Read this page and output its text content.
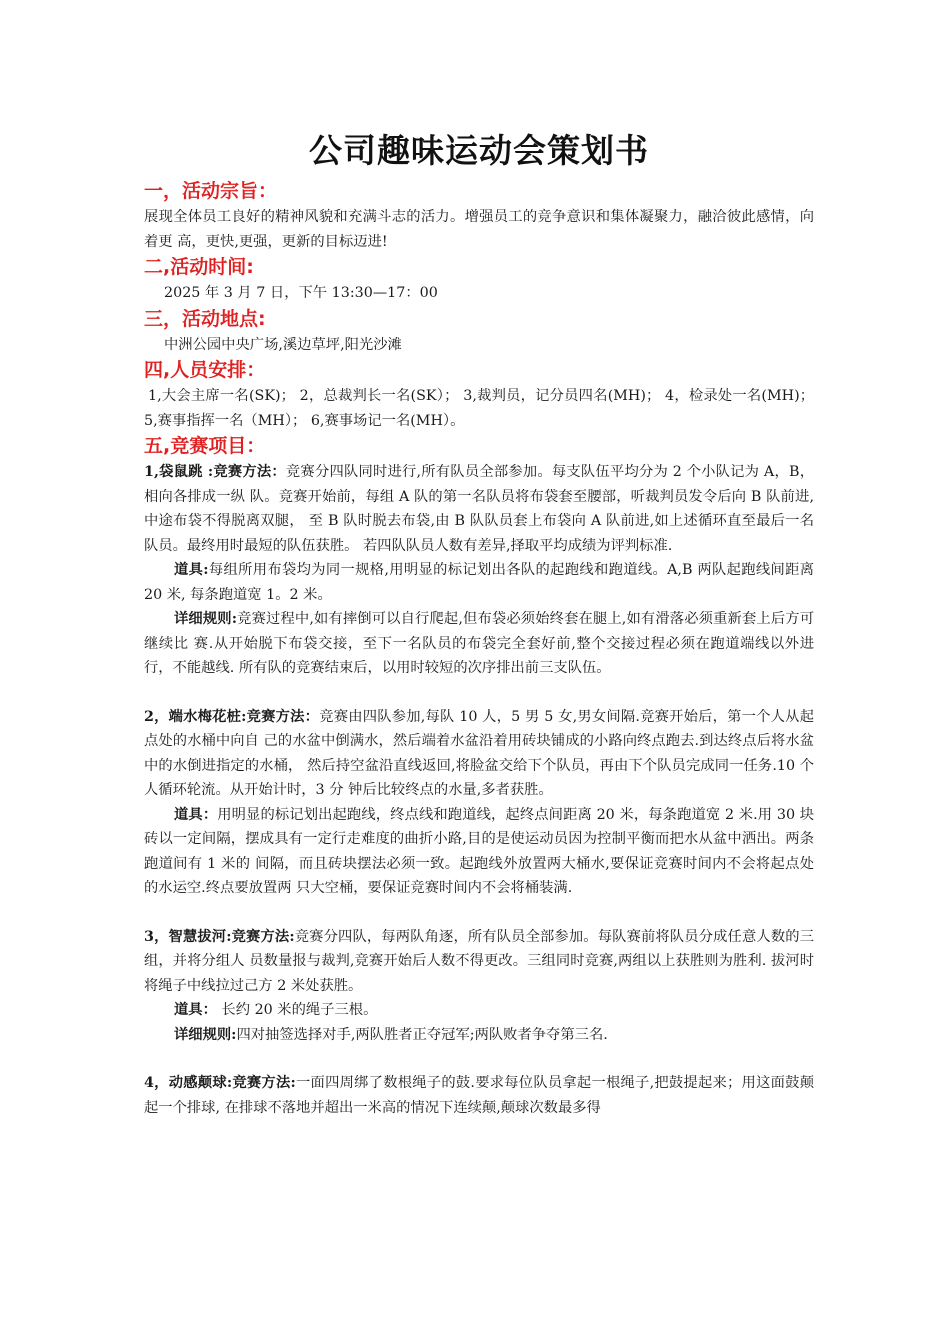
公司趣味运动会策划书
一，活动宗旨：

展现全体员工良好的精神风貌和充满斗志的活力。增强员工的竞争意识和集体凝聚力，融洽彼此感情，向着更 高，更快,更强，更新的目标迈进!

二,活动时间:

2025 年 3 月 7 日，下午 13:30—17：00

三，活动地点:

中洲公园中央广场,溪边草坪,阳光沙滩

四,人员安排：

1,大会主席一名(SK)； 2，总裁判长一名(SK）； 3,裁判员，记分员四名(MH)； 4，检录处一名(MH)； 5,赛事指挥一名（MH）； 6,赛事场记一名(MH）。

五,竞赛项目：

1,袋鼠跳 :竞赛方法：竞赛分四队同时进行,所有队员全部参加。每支队伍平均分为 2 个小队记为 A，B，相向各排成一纵 队。竞赛开始前，每组 A 队的第一名队员将布袋套至腰部，听裁判员发令后向 B 队前进,中途布袋不得脱离双腿， 至 B 队时脱去布袋,由 B 队队员套上布袋向 A 队前进,如上述循环直至最后一名队员。最终用时最短的队伍获胜。 若四队队员人数有差异,择取平均成绩为评判标准.

道具:每组所用布袋均为同一规格,用明显的标记划出各队的起跑线和跑道线。A,B 两队起跑线间距离 20 米, 每条跑道宽 1。2 米。

详细规则:竞赛过程中,如有摔倒可以自行爬起,但布袋必须始终套在腿上,如有滑落必须重新套上后方可继续比 赛.从开始脱下布袋交接，至下一名队员的布袋完全套好前,整个交接过程必须在跑道端线以外进行，不能越线. 所有队的竞赛结束后，以用时较短的次序排出前三支队伍。

2，端水梅花桩:竞赛方法：竞赛由四队参加,每队 10 人，5 男 5 女,男女间隔.竞赛开始后，第一个人从起点处的水桶中向自 己的水盆中倒满水，然后端着水盆沿着用砖块铺成的小路向终点跑去.到达终点后将水盆中的水倒进指定的水桶， 然后持空盆沿直线返回,将脸盆交给下个队员，再由下个队员完成同一任务.10 个人循环轮流。从开始计时，3 分 钟后比较终点的水量,多者获胜。

道具：用明显的标记划出起跑线，终点线和跑道线，起终点间距离 20 米，每条跑道宽 2 米.用 30 块砖以一定间隔，摆成具有一定行走难度的曲折小路,目的是使运动员因为控制平衡而把水从盆中洒出。两条跑道间有 1 米的 间隔，而且砖块摆法必须一致。起跑线外放置两大桶水,要保证竞赛时间内不会将起点处的水运空.终点要放置两 只大空桶，要保证竞赛时间内不会将桶装满.

3，智慧拔河:竞赛方法:竞赛分四队，每两队角逐，所有队员全部参加。每队赛前将队员分成任意人数的三组，并将分组人 员数量报与裁判,竞赛开始后人数不得更改。三组同时竞赛,两组以上获胜则为胜利. 拔河时将绳子中线拉过己方 2 米处获胜。

道具： 长约 20 米的绳子三根。

详细规则:四对抽签选择对手,两队胜者正夺冠军;两队败者争夺第三名.

4，动感颠球:竞赛方法:一面四周绑了数根绳子的鼓.要求每位队员拿起一根绳子,把鼓提起来；用这面鼓颠起一个排球, 在排球不落地并超出一米高的情况下连续颠,颠球次数最多得
